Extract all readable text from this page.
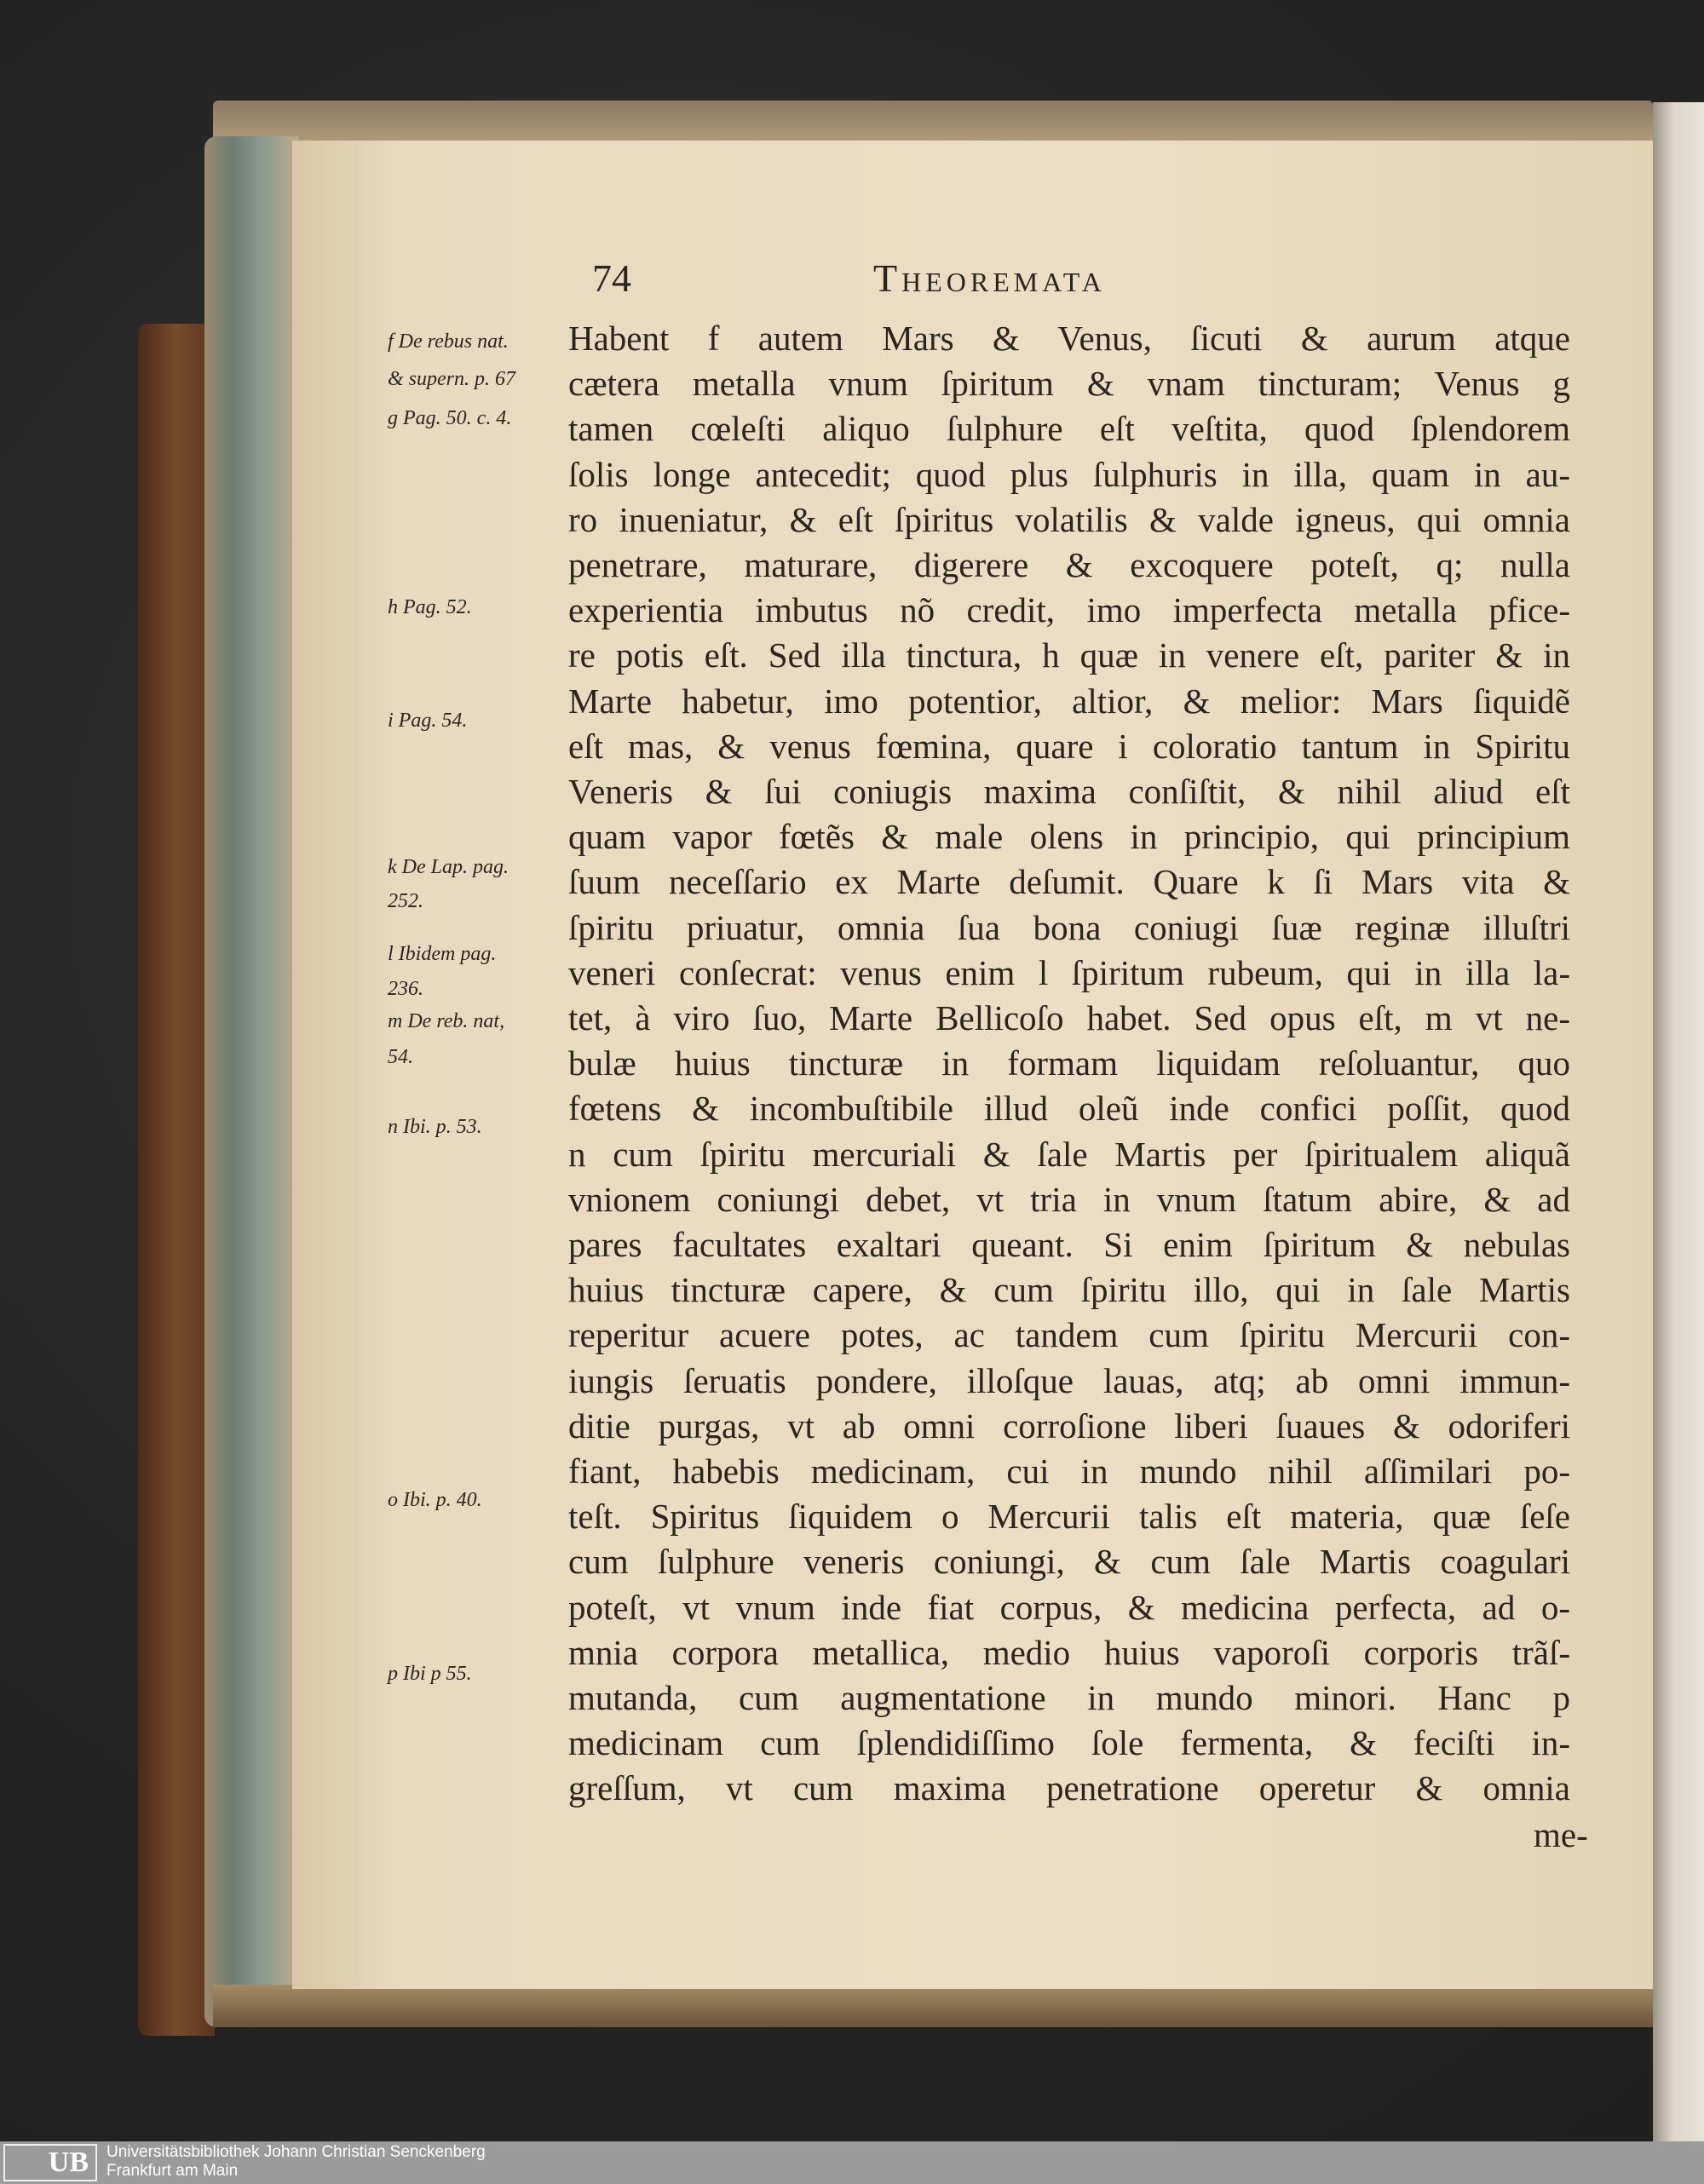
74	Theoremata
Habent f autem Mars & Venus, ſicuti & aurum atque
cætera metalla vnum ſpiritum & vnam tincturam; Venus g
tamen cœleſti aliquo ſulphure eſt veſtita, quod ſplendorem
ſolis longe antecedit; quod plus ſulphuris in illa, quam in au-
ro inueniatur, & eſt ſpiritus volatilis & valde igneus, qui omnia
penetrare, maturare, digerere & excoquere poteſt, q; nulla
experientia imbutus nõ credit, imo imperfecta metalla pfice-
re potis eſt. Sed illa tinctura, h quæ in venere eſt, pariter & in
Marte habetur, imo potentior, altior, & melior: Mars ſiquidẽ
eſt mas, & venus fœmina, quare i coloratio tantum in Spiritu
Veneris & ſui coniugis maxima conſiſtit, & nihil aliud eſt
quam vapor fœtẽs & male olens in principio, qui principium
ſuum neceſſario ex Marte deſumit. Quare k ſi Mars vita &
ſpiritu priuatur, omnia ſua bona coniugi ſuæ reginæ illuſtri
veneri conſecrat: venus enim l ſpiritum rubeum, qui in illa la-
tet, à viro ſuo, Marte Bellicoſo habet. Sed opus eſt, m vt ne-
bulæ huius tincturæ in formam liquidam reſoluantur, quo
fœtens & incombuſtibile illud oleũ inde confici poſſit, quod
n cum ſpiritu mercuriali & ſale Martis per ſpiritualem aliquã
vnionem coniungi debet, vt tria in vnum ſtatum abire, & ad
pares facultates exaltari queant. Si enim ſpiritum & nebulas
huius tincturæ capere, & cum ſpiritu illo, qui in ſale Martis
reperitur acuere potes, ac tandem cum ſpiritu Mercurii con-
iungis ſeruatis pondere, illoſque lauas, atq; ab omni immun-
ditie purgas, vt ab omni corroſione liberi ſuaues & odoriferi
fiant, habebis medicinam, cui in mundo nihil aſſimilari po-
teſt. Spiritus ſiquidem o Mercurii talis eſt materia, quæ ſeſe
cum ſulphure veneris coniungi, & cum ſale Martis coagulari
poteſt, vt vnum inde fiat corpus, & medicina perfecta, ad o-
mnia corpora metallica, medio huius vaporoſi corporis trãſ-
mutanda, cum augmentatione in mundo minori. Hanc p
medicinam cum ſplendidiſſimo ſole fermenta, & feciſti in-
greſſum, vt cum maxima penetratione operetur & omnia
f De rebus nat.
& supern. p. 67
g Pag. 50. c. 4.
h Pag. 52.
i Pag. 54.
k De Lap. pag.
252.
l Ibidem pag.
236.
m De reb. nat,
54.
n Ibi. p. 53.
o Ibi. p. 40.
p Ibi p 55.
me-
UB	Universitätsbibliothek Johann Christian Senckenberg
Frankfurt am Main
